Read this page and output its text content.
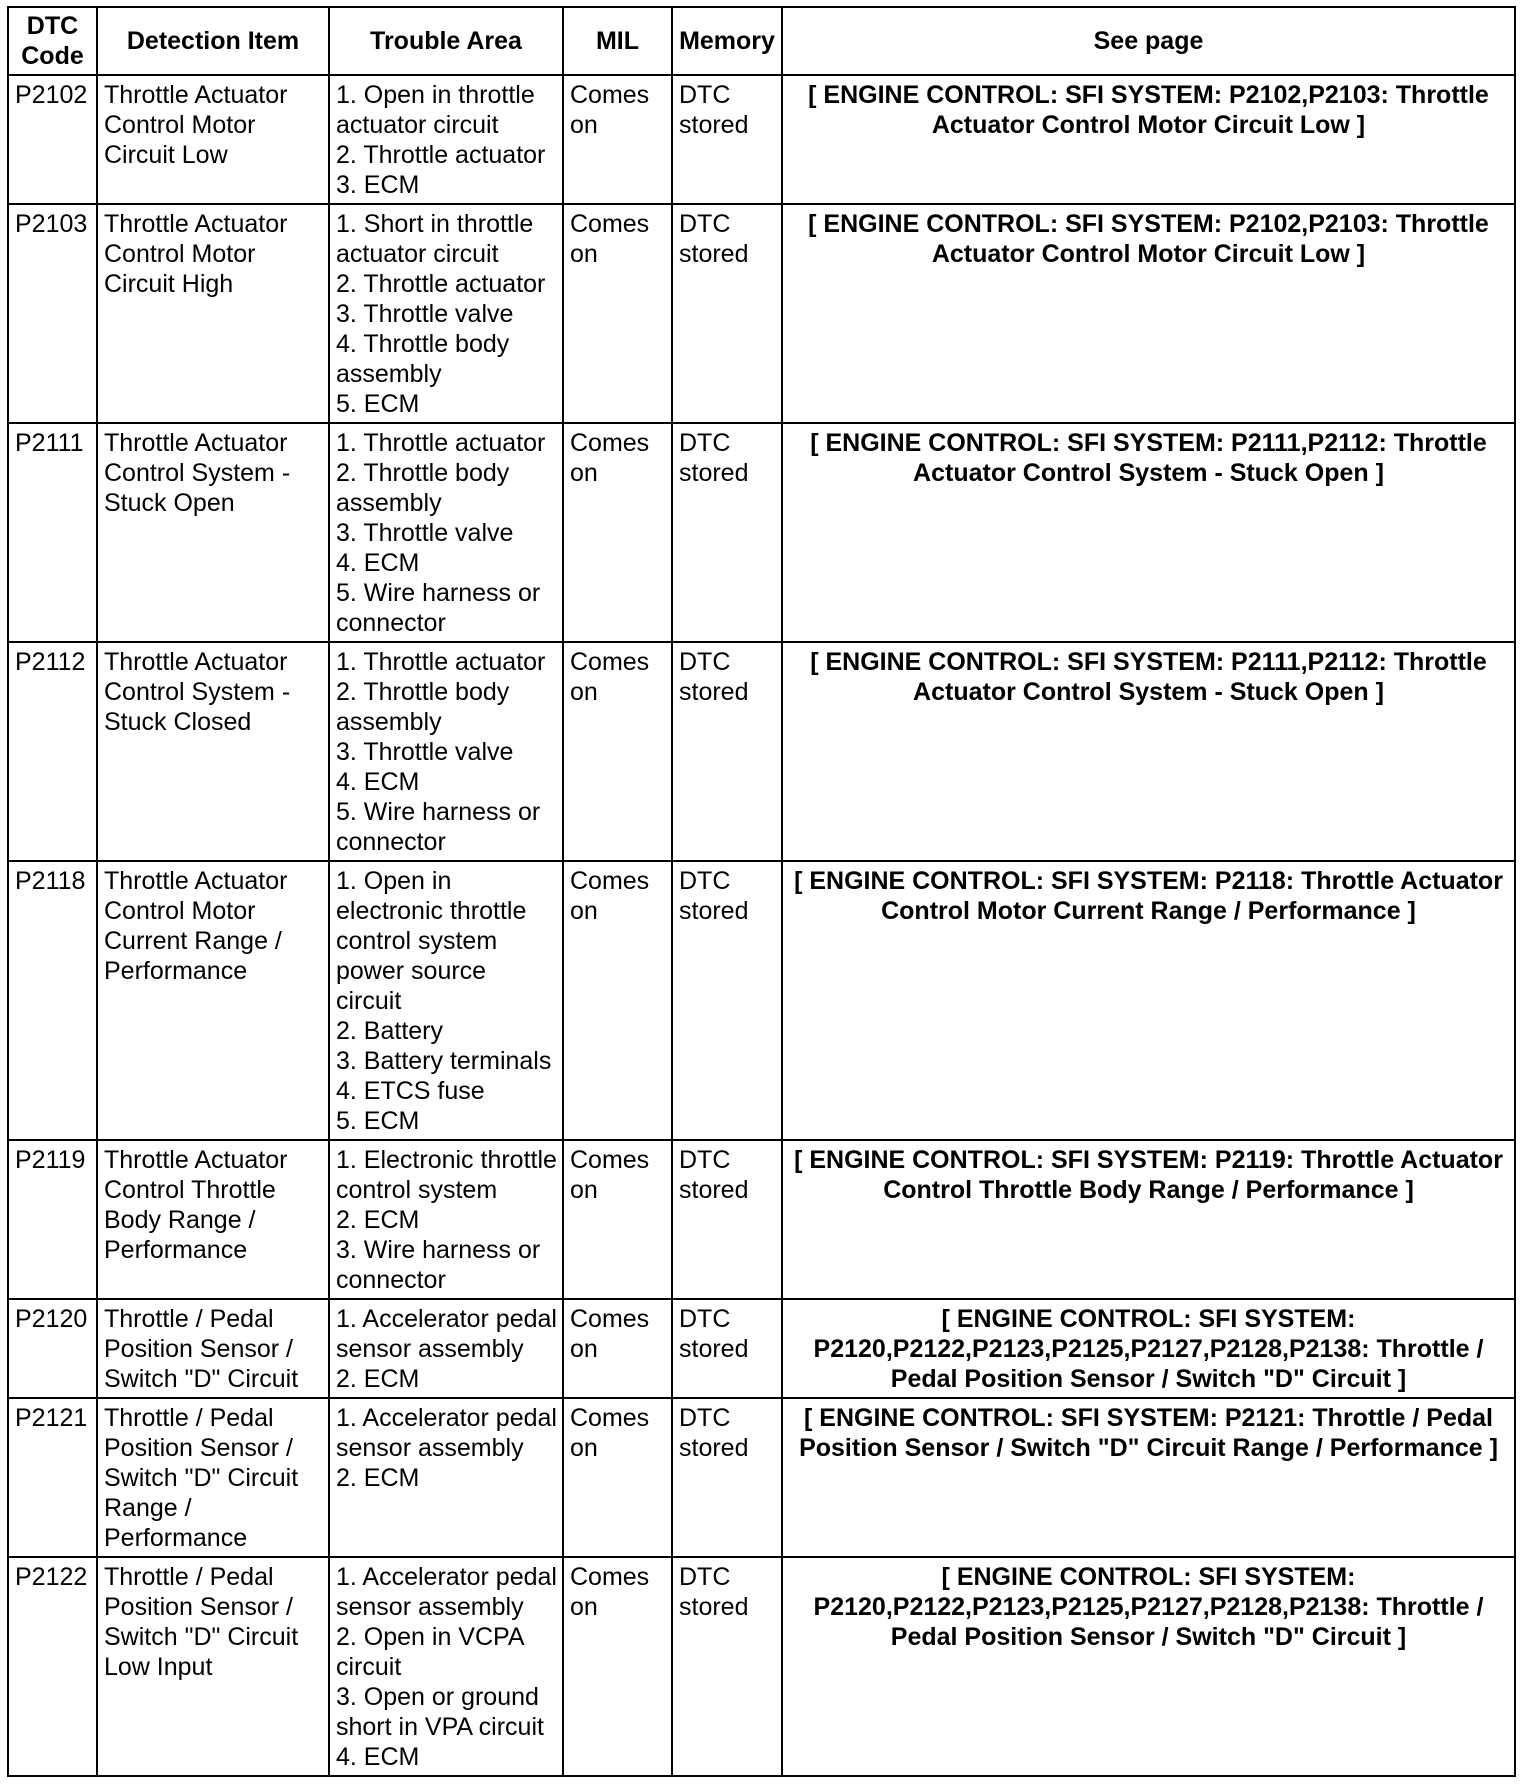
DTC Code	Detection Item	Trouble Area	MIL	Memory	See page
P2102	Throttle Actuator Control Motor Circuit Low	1. Open in throttle actuator circuit
2. Throttle actuator
3. ECM	Comes on	DTC stored	[ ENGINE CONTROL: SFI SYSTEM: P2102,P2103: Throttle Actuator Control Motor Circuit Low ]
P2103	Throttle Actuator Control Motor Circuit High	1. Short in throttle actuator circuit
2. Throttle actuator
3. Throttle valve
4. Throttle body assembly
5. ECM	Comes on	DTC stored	[ ENGINE CONTROL: SFI SYSTEM: P2102,P2103: Throttle Actuator Control Motor Circuit Low ]
P2111	Throttle Actuator Control System - Stuck Open	1. Throttle actuator
2. Throttle body assembly
3. Throttle valve
4. ECM
5. Wire harness or connector	Comes on	DTC stored	[ ENGINE CONTROL: SFI SYSTEM: P2111,P2112: Throttle Actuator Control System - Stuck Open ]
P2112	Throttle Actuator Control System - Stuck Closed	1. Throttle actuator
2. Throttle body assembly
3. Throttle valve
4. ECM
5. Wire harness or connector	Comes on	DTC stored	[ ENGINE CONTROL: SFI SYSTEM: P2111,P2112: Throttle Actuator Control System - Stuck Open ]
P2118	Throttle Actuator Control Motor Current Range / Performance	1. Open in electronic throttle control system power source circuit
2. Battery
3. Battery terminals
4. ETCS fuse
5. ECM	Comes on	DTC stored	[ ENGINE CONTROL: SFI SYSTEM: P2118: Throttle Actuator Control Motor Current Range / Performance ]
P2119	Throttle Actuator Control Throttle Body Range / Performance	1. Electronic throttle control system
2. ECM
3. Wire harness or connector	Comes on	DTC stored	[ ENGINE CONTROL: SFI SYSTEM: P2119: Throttle Actuator Control Throttle Body Range / Performance ]
P2120	Throttle / Pedal Position Sensor / Switch "D" Circuit	1. Accelerator pedal sensor assembly
2. ECM	Comes on	DTC stored	[ ENGINE CONTROL: SFI SYSTEM: P2120,P2122,P2123,P2125,P2127,P2128,P2138: Throttle / Pedal Position Sensor / Switch "D" Circuit ]
P2121	Throttle / Pedal Position Sensor / Switch "D" Circuit Range / Performance	1. Accelerator pedal sensor assembly
2. ECM	Comes on	DTC stored	[ ENGINE CONTROL: SFI SYSTEM: P2121: Throttle / Pedal Position Sensor / Switch "D" Circuit Range / Performance ]
P2122	Throttle / Pedal Position Sensor / Switch "D" Circuit Low Input	1. Accelerator pedal sensor assembly
2. Open in VCPA circuit
3. Open or ground short in VPA circuit
4. ECM	Comes on	DTC stored	[ ENGINE CONTROL: SFI SYSTEM: P2120,P2122,P2123,P2125,P2127,P2128,P2138: Throttle / Pedal Position Sensor / Switch "D" Circuit ]
